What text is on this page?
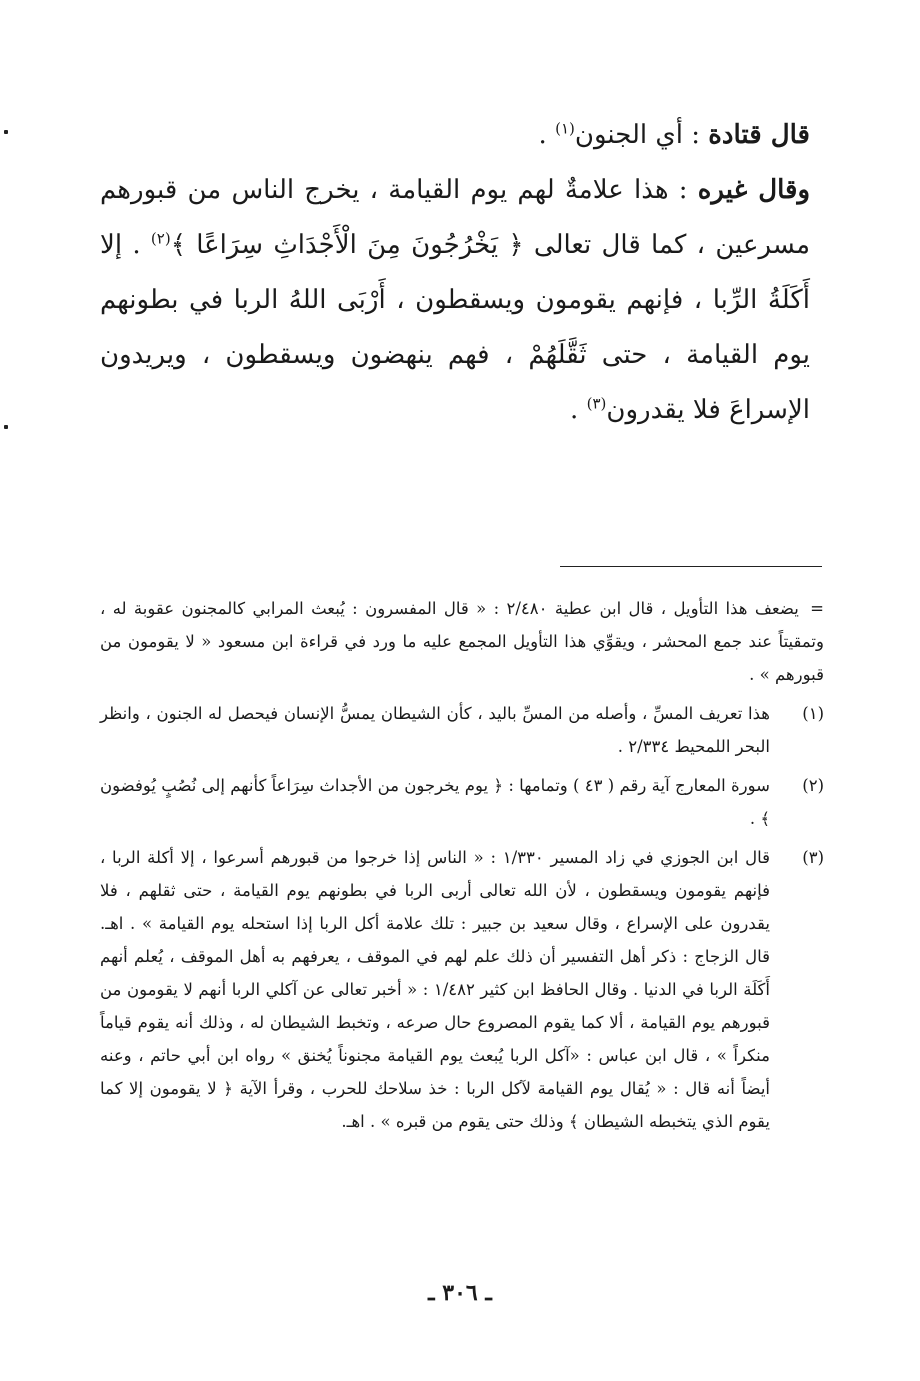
قال قتادة : أي الجنون$^{(١)}$ .

وقال غيره : هذا علامةٌ لهم يوم القيامة ، يخرج الناس من قبورهم مسرعين ، كما قال تعالى ﴿ يَخْرُجُونَ مِنَ الْأَجْدَاثِ سِرَاعًا ﴾$^{(٢)}$ . إلا أَكَلَةُ الرِّبا ، فإنهم يقومون ويسقطون ، أَرْبَى اللهُ الربا في بطونهم يوم القيامة ، حتى ثَقَّلَهُمْ ، فهم ينهضون ويسقطون ، ويريدون الإسراعَ فلا يقدرون$^{(٣)}$ .

= يضعف هذا التأويل ، قال ابن عطية ٢/٤٨٠ : « قال المفسرون : يُبعث المرابي كالمجنون عقوبة له ، وتمقيتاً عند جمع المحشر ، ويقوِّي هذا التأويل المجمع عليه ما ورد في قراءة ابن مسعود « لا يقومون من قبورهم » .
(١)
هذا تعريف المسِّ ، وأصله من المسِّ باليد ، كأن الشيطان يمسُّ الإنسان فيحصل له الجنون ، وانظر البحر اللمحيط ٢/٣٣٤ .
(٢)
سورة المعارج آية رقم ( ٤٣ ) وتمامها : ﴿ يوم يخرجون من الأجداث سِرَاعاً كأنهم إلى نُصُبٍ يُوفضون ﴾ .
(٣)
قال ابن الجوزي في زاد المسير ١/٣٣٠ : « الناس إذا خرجوا من قبورهم أسرعوا ، إلا أكلة الربا ، فإنهم يقومون ويسقطون ، لأن الله تعالى أربى الربا في بطونهم يوم القيامة ، حتى ثقلهم ، فلا يقدرون على الإسراع ، وقال سعيد بن جبير : تلك علامة أكل الربا إذا استحله يوم القيامة » . اهـ. قال الزجاج : ذكر أهل التفسير أن ذلك علم لهم في الموقف ، يعرفهم به أهل الموقف ، يُعلم أنهم أَكَلَة الربا في الدنيا . وقال الحافظ ابن كثير ١/٤٨٢ : « أخبر تعالى عن آكلي الربا أنهم لا يقومون من قبورهم يوم القيامة ، ألا كما يقوم المصروع حال صرعه ، وتخبط الشيطان له ، وذلك أنه يقوم قياماً منكراً » ، قال ابن عباس : «آكل الربا يُبعث يوم القيامة مجنوناً يُخنق » رواه ابن أبي حاتم ، وعنه أيضاً أنه قال : « يُقال يوم القيامة لآكل الربا : خذ سلاحك للحرب ، وقرأ الآية ﴿ لا يقومون إلا كما يقوم الذي يتخبطه الشيطان ﴾ وذلك حتى يقوم من قبره » . اهـ.
ـ ٣٠٦ ـ
